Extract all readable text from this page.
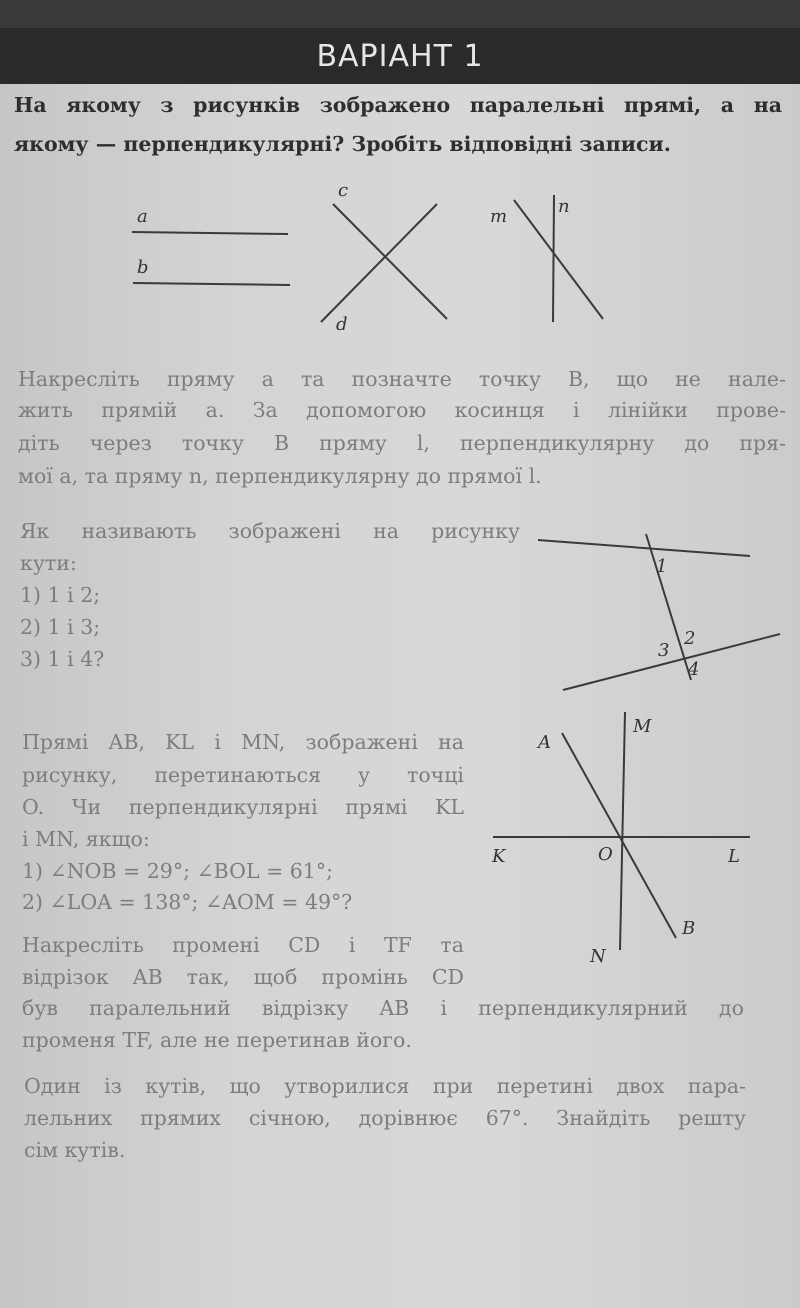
ВАРІАНТ 1
На якому з рисунків зображено паралельні прямі, а на
якому — перпендикулярні? Зробіть відповідні записи.
Накресліть пряму a та позначте точку B, що не нале-
жить прямій a. За допомогою косинця і лінійки прове-
діть через точку B пряму l, перпендикулярну до пря-
мої a, та пряму n, перпендикулярну до прямої l.
Як називають зображені на рисунку
кути:
1) 1 і 2;
2) 1 і 3;
3) 1 і 4?
Прямі AB, KL і MN, зображені на
рисунку, перетинаються у точці
O. Чи перпендикулярні прямі KL
і MN, якщо:
1) ∠NOB = 29°; ∠BOL = 61°;
2) ∠LOA = 138°; ∠AOM = 49°?
Накресліть промені CD і TF та
відрізок AB так, щоб промінь CD
був паралельний відрізку AB і перпендикулярний до
променя TF, але не перетинав його.
Один із кутів, що утворилися при перетині двох пара-
лельних прямих січною, дорівнює 67°. Знайдіть решту
сім кутів.
a
b
c
d
m	n
1
2
3
4
M
A
K	O	L
B
N
